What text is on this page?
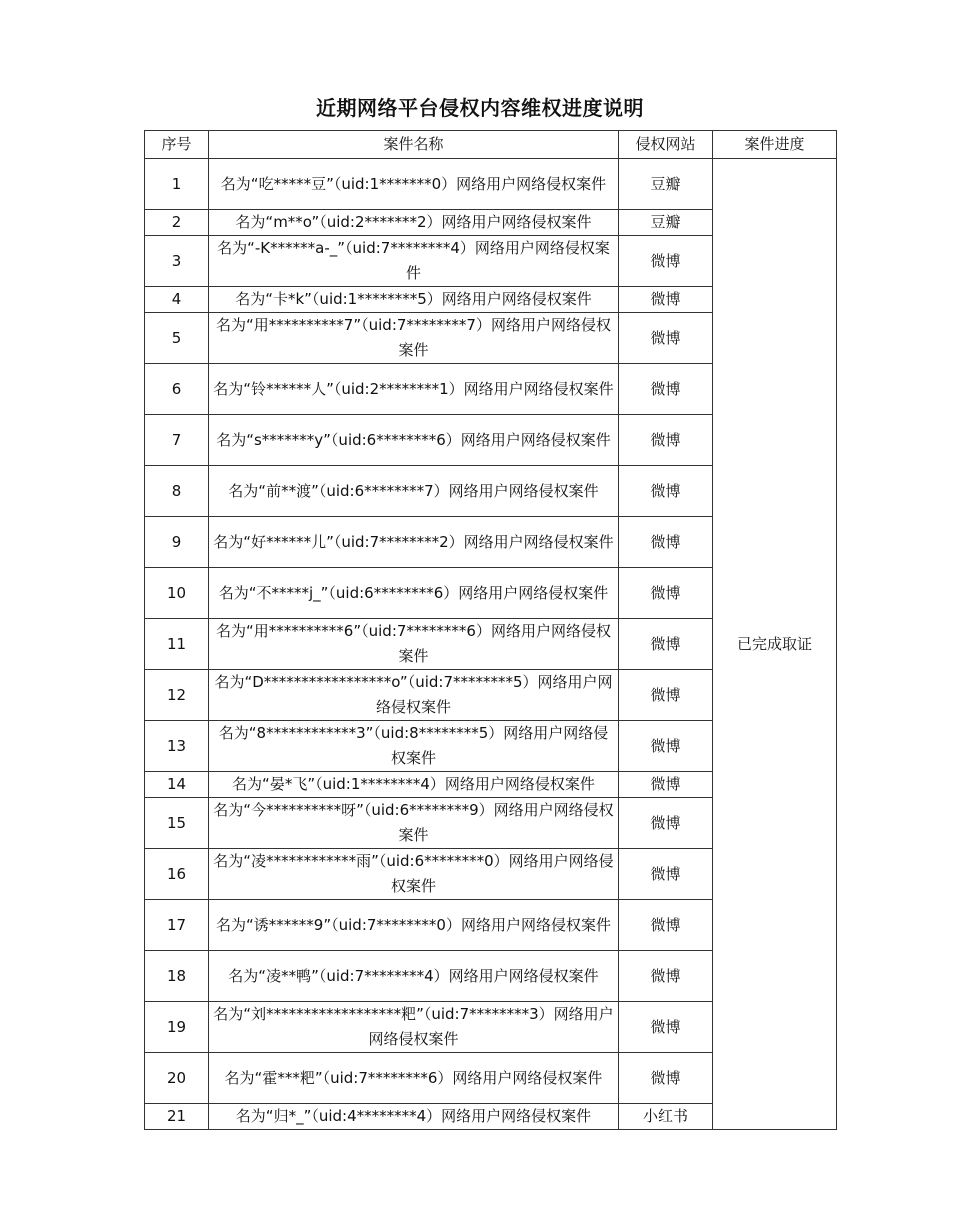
近期网络平台侵权内容维权进度说明
序号	案件名称	侵权网站	案件进度
1	名为“吃*****豆”（uid:1*******0）网络用户网络侵权案件	豆瓣	已完成取证
2	名为“m**o”（uid:2*******2）网络用户网络侵权案件	豆瓣	
3	名为“-K******a-_”（uid:7********4）网络用户网络侵权案件	微博	
4	名为“卡*k”（uid:1********5）网络用户网络侵权案件	微博	
5	名为“用**********7”（uid:7********7）网络用户网络侵权案件	微博	
6	名为“铃******人”（uid:2********1）网络用户网络侵权案件	微博	
7	名为“s*******y”（uid:6********6）网络用户网络侵权案件	微博	
8	名为“前**渡”（uid:6********7）网络用户网络侵权案件	微博	
9	名为“好******儿”（uid:7********2）网络用户网络侵权案件	微博	
10	名为“不*****j_”（uid:6********6）网络用户网络侵权案件	微博	
11	名为“用**********6”（uid:7********6）网络用户网络侵权案件	微博	
12	名为“D*****************o”（uid:7********5）网络用户网络侵权案件	微博	
13	名为“8************3”（uid:8********5）网络用户网络侵权案件	微博	
14	名为“晏*飞”（uid:1********4）网络用户网络侵权案件	微博	
15	名为“今**********呀”（uid:6********9）网络用户网络侵权案件	微博	
16	名为“凌************雨”（uid:6********0）网络用户网络侵权案件	微博	
17	名为“诱******9”（uid:7********0）网络用户网络侵权案件	微博	
18	名为“凌**鸭”（uid:7********4）网络用户网络侵权案件	微博	
19	名为“刘******************粑”（uid:7********3）网络用户网络侵权案件	微博	
20	名为“霍***粑”（uid:7********6）网络用户网络侵权案件	微博	
21	名为“归*_”（uid:4********4）网络用户网络侵权案件	小红书	
